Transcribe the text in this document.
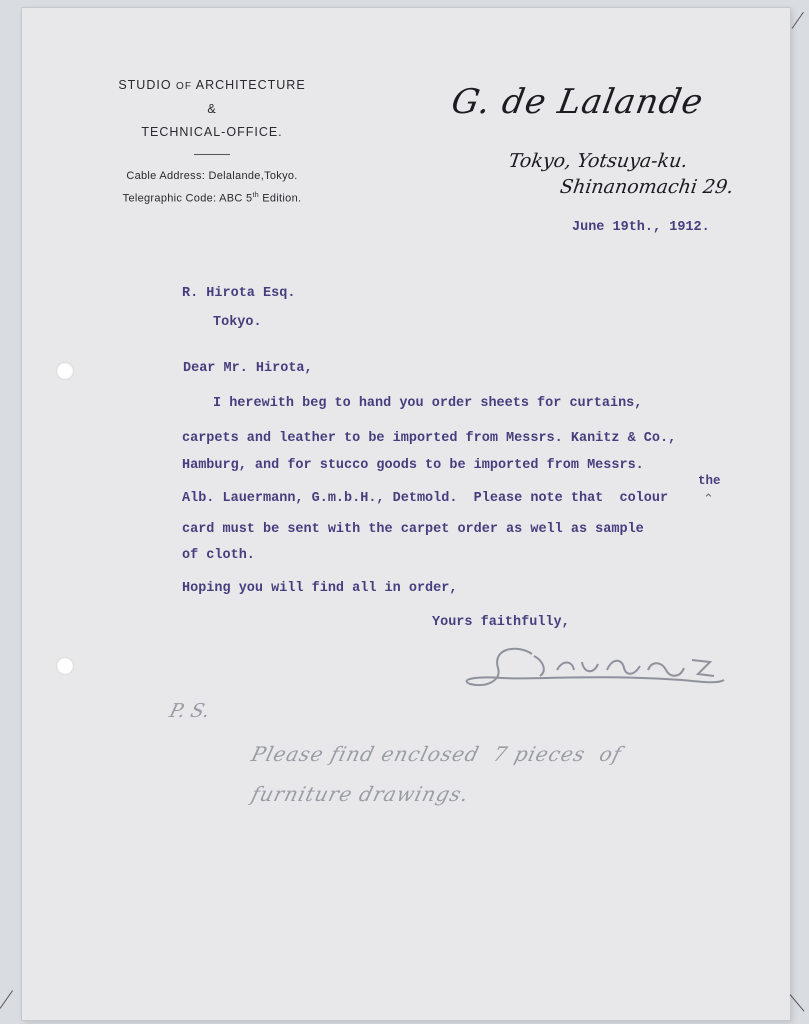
STUDIO OF ARCHITECTURE
&
TECHNICAL-OFFICE.
Cable Address: Delalande,Tokyo.
Telegraphic Code: ABC 5th Edition.
G. de Lalande
Tokyo, Yotsuya-ku.
Shinanomachi 29.
June 19th., 1912.
R. Hirota Esq.
Tokyo.
Dear Mr. Hirota,
I herewith beg to hand you order sheets for curtains,
carpets and leather to be imported from Messrs. Kanitz & Co.,
Hamburg, and for stucco goods to be imported from Messrs.
Alb. Lauermann, G.m.b.H., Detmold.  Please note that  colour
card must be sent with the carpet order as well as sample
of cloth.
Hoping you will find all in order,
the
⌃
Yours faithfully,
P. S.
Please find enclosed  7 pieces  of
furniture drawings.
